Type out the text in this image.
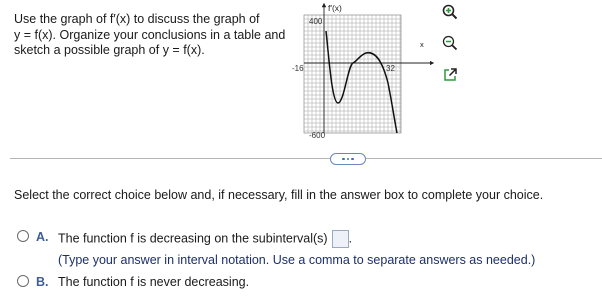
Use the graph of f′(x) to discuss the graph of
y = f(x). Organize your conclusions in a table and
sketch a possible graph of y = f(x).
f′(x)
x
400
-600
-16	32
Select the correct choice below and, if necessary, fill in the answer box to complete your choice.
A. The function f is decreasing on the subinterval(s) .
(Type your answer in interval notation. Use a comma to separate answers as needed.)
B. The function f is never decreasing.
